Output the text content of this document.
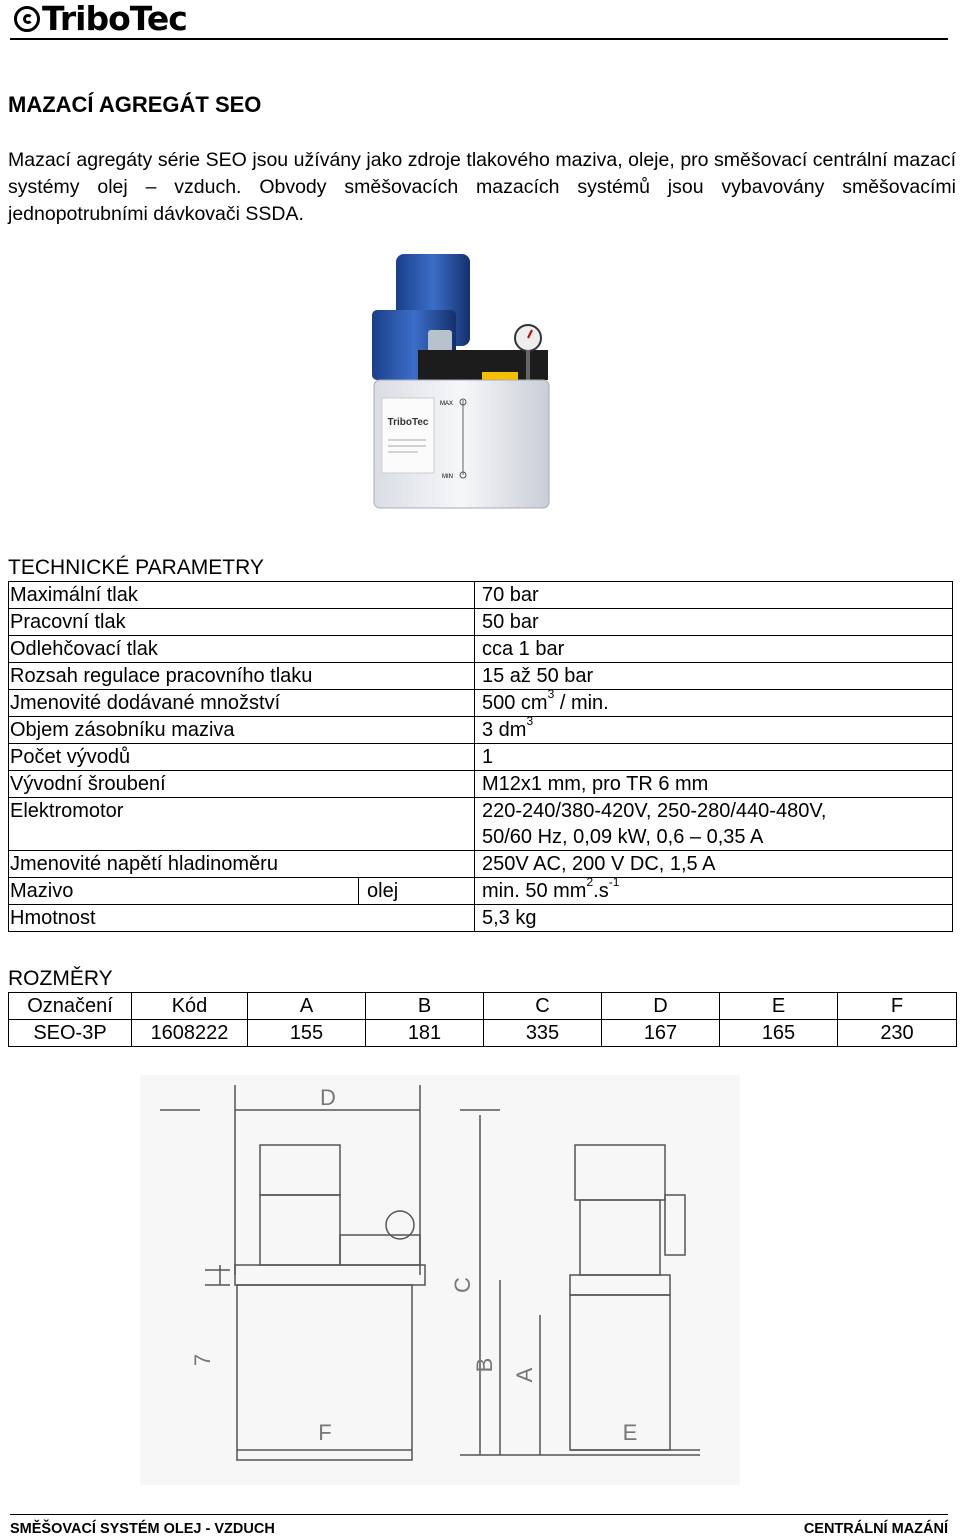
TriboTec
MAZACÍ AGREGÁT SEO

Mazací agregáty série SEO jsou užívány jako zdroje tlakového maziva, oleje, pro směšovací centrální mazací systémy olej – vzduch. Obvody směšovacích mazacích systémů jsou vybavovány směšovacími jednopotrubními dávkovači SSDA.

MAX
MIN
TriboTec

TECHNICKÉ PARAMETRY

Maximální tlak		70 bar
Pracovní tlak		50 bar
Odlehčovací tlak		cca 1 bar
Rozsah regulace pracovního tlaku		15 až 50 bar
Jmenovité dodávané množství		500 $cm^3$ / min.
Objem zásobníku maziva		3 $dm^3$
Počet vývodů		1
Vývodní šroubení		M12x1 mm, pro TR 6 mm
Elektromotor		220-240/380-420V, 250-280/440-480V,
50/60 Hz, 0,09 kW, 0,6 – 0,35 A

Jmenovité napětí hladinoměru		250V AC, 200 V DC, 1,5 A
Mazivo	olej	min. 50 $mm^2.s^{-1}$
Hmotnost		5,3 kg

ROZMĚRY

Označení	Kód	A	B	C	D	E	F
SEO-3P	1608222	155	181	335	167	165	230
D
7
F
C
B
A
E
SMĚŠOVACÍ SYSTÉM OLEJ - VZDUCH	CENTRÁLNÍ MAZÁNÍ
